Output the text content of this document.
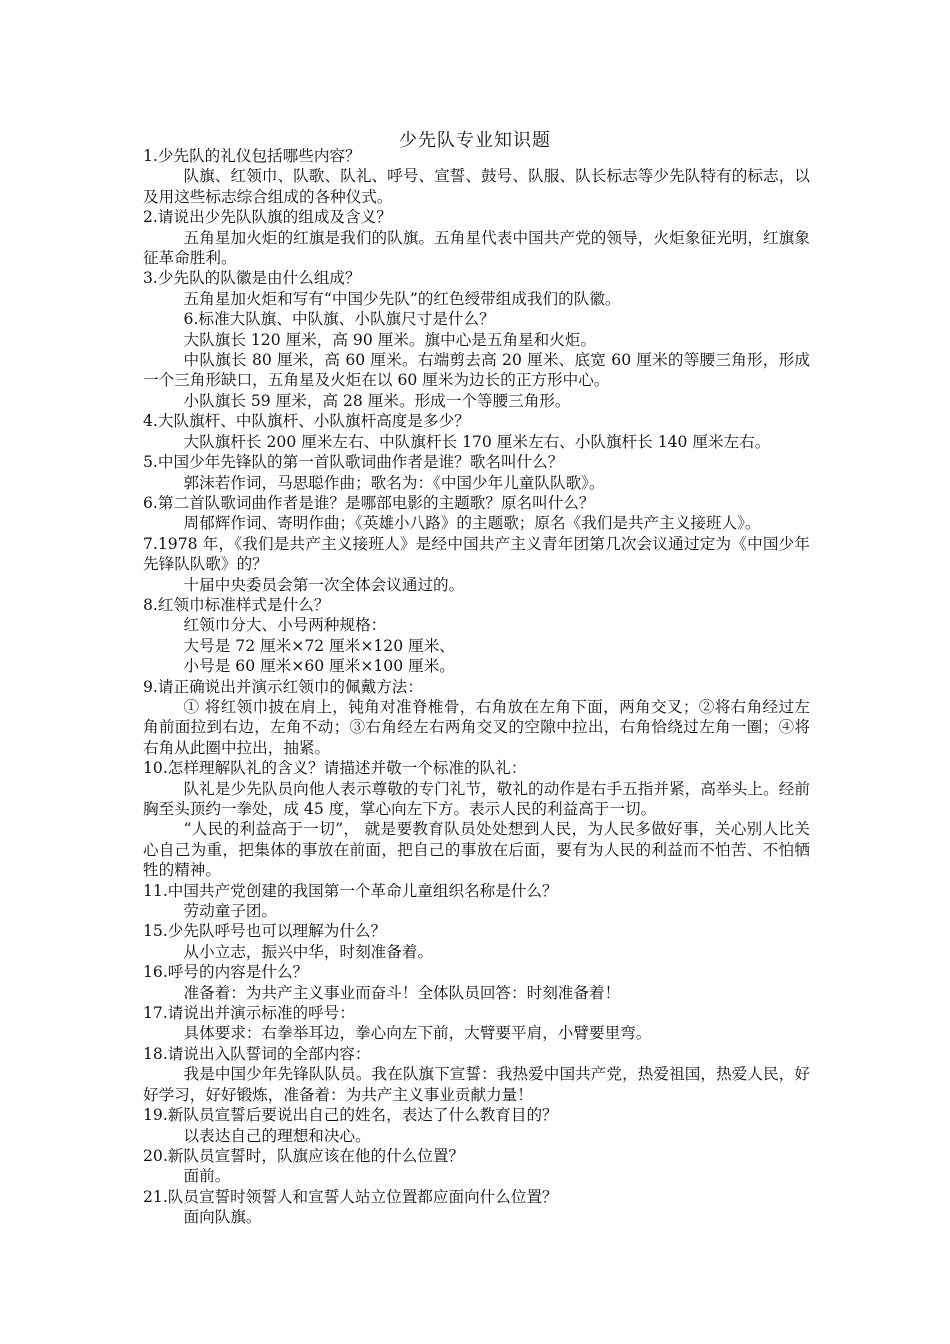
少先队专业知识题

1.少先队的礼仪包括哪些内容？

队旗、红领巾、队歌、队礼、呼号、宣誓、鼓号、队服、队长标志等少先队特有的标志，以及用这些标志综合组成的各种仪式。

2.请说出少先队队旗的组成及含义？

五角星加火炬的红旗是我们的队旗。五角星代表中国共产党的领导，火炬象征光明，红旗象征革命胜利。

3.少先队的队徽是由什么组成？

五角星加火炬和写有“中国少先队”的红色绶带组成我们的队徽。

6.标准大队旗、中队旗、小队旗尺寸是什么？

大队旗长 120 厘米，高 90 厘米。旗中心是五角星和火炬。

中队旗长 80 厘米，高 60 厘米。右端剪去高 20 厘米、底宽 60 厘米的等腰三角形，形成一个三角形缺口，五角星及火炬在以 60 厘米为边长的正方形中心。

小队旗长 59 厘米，高 28 厘米。形成一个等腰三角形。

4.大队旗杆、中队旗杆、小队旗杆高度是多少？

大队旗杆长 200 厘米左右、中队旗杆长 170 厘米左右、小队旗杆长 140 厘米左右。

5.中国少年先锋队的第一首队歌词曲作者是谁？歌名叫什么？

郭沫若作词，马思聪作曲；歌名为：《中国少年儿童队队歌》。

6.第二首队歌词曲作者是谁？是哪部电影的主题歌？原名叫什么？

周郁辉作词、寄明作曲；《英雄小八路》的主题歌；原名《我们是共产主义接班人》。

7.1978 年，《我们是共产主义接班人》是经中国共产主义青年团第几次会议通过定为《中国少年先锋队队歌》的？

十届中央委员会第一次全体会议通过的。

8.红领巾标准样式是什么？

红领巾分大、小号两种规格：

大号是 72 厘米×72 厘米×120 厘米、

小号是 60 厘米×60 厘米×100 厘米。

9.请正确说出并演示红领巾的佩戴方法：

① 将红领巾披在肩上，钝角对准脊椎骨，右角放在左角下面，两角交叉；②将右角经过左角前面拉到右边，左角不动；③右角经左右两角交叉的空隙中拉出，右角恰绕过左角一圈；④将右角从此圈中拉出，抽紧。

10.怎样理解队礼的含义？请描述并敬一个标准的队礼：

队礼是少先队员向他人表示尊敬的专门礼节，敬礼的动作是右手五指并紧，高举头上。经前胸至头顶约一拳处，成 45 度，掌心向左下方。表示人民的利益高于一切。

“人民的利益高于一切”， 就是要教育队员处处想到人民，为人民多做好事，关心别人比关心自己为重，把集体的事放在前面，把自己的事放在后面，要有为人民的利益而不怕苦、不怕牺牲的精神。

11.中国共产党创建的我国第一个革命儿童组织名称是什么？

劳动童子团。

15.少先队呼号也可以理解为什么？

从小立志，振兴中华，时刻准备着。

16.呼号的内容是什么？

准备着：为共产主义事业而奋斗！全体队员回答：时刻准备着！

17.请说出并演示标准的呼号：

具体要求：右拳举耳边，拳心向左下前，大臂要平肩，小臂要里弯。

18.请说出入队誓词的全部内容：

我是中国少年先锋队队员。我在队旗下宣誓：我热爱中国共产党，热爱祖国，热爱人民，好好学习，好好锻炼，准备着：为共产主义事业贡献力量！

19.新队员宣誓后要说出自己的姓名，表达了什么教育目的？

以表达自己的理想和决心。

20.新队员宣誓时，队旗应该在他的什么位置？

面前。

21.队员宣誓时领誓人和宣誓人站立位置都应面向什么位置？

面向队旗。
